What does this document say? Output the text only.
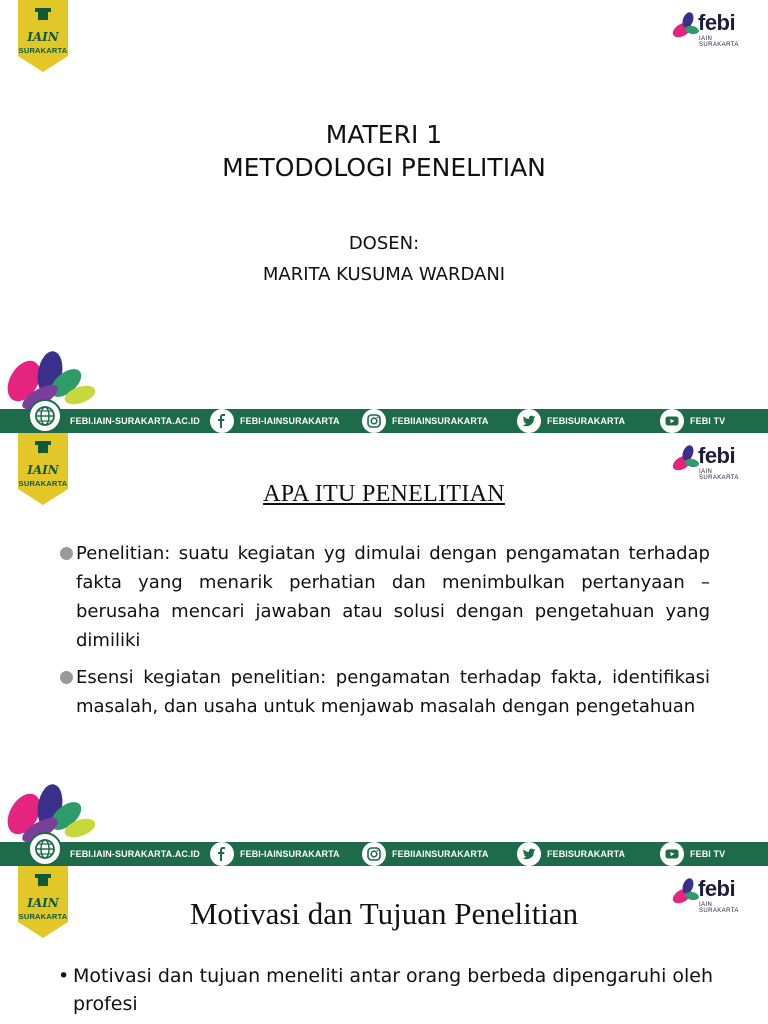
IAIN
SURAKARTA
febi
IAIN SURAKARTA
MATERI 1
METODOLOGI PENELITIAN
DOSEN:
MARITA KUSUMA WARDANI
FEBI.IAIN-SURAKARTA.AC.ID	FEBI-IAINSURAKARTA	FEBIIAINSURAKARTA	FEBISURAKARTA	FEBI TV
IAIN
SURAKARTA
febi
IAIN SURAKARTA
APA ITU PENELITIAN
Penelitian: suatu kegiatan yg dimulai dengan pengamatan terhadap fakta yang menarik perhatian dan menimbulkan pertanyaan – berusaha mencari jawaban atau solusi dengan pengetahuan yang dimiliki
Esensi kegiatan penelitian: pengamatan terhadap fakta, identifikasi masalah, dan usaha untuk menjawab masalah dengan pengetahuan
FEBI.IAIN-SURAKARTA.AC.ID	FEBI-IAINSURAKARTA	FEBIIAINSURAKARTA	FEBISURAKARTA	FEBI TV
IAIN
SURAKARTA
febi
IAIN SURAKARTA
Motivasi dan Tujuan Penelitian
• Motivasi dan tujuan meneliti antar orang berbeda dipengaruhi oleh profesi
